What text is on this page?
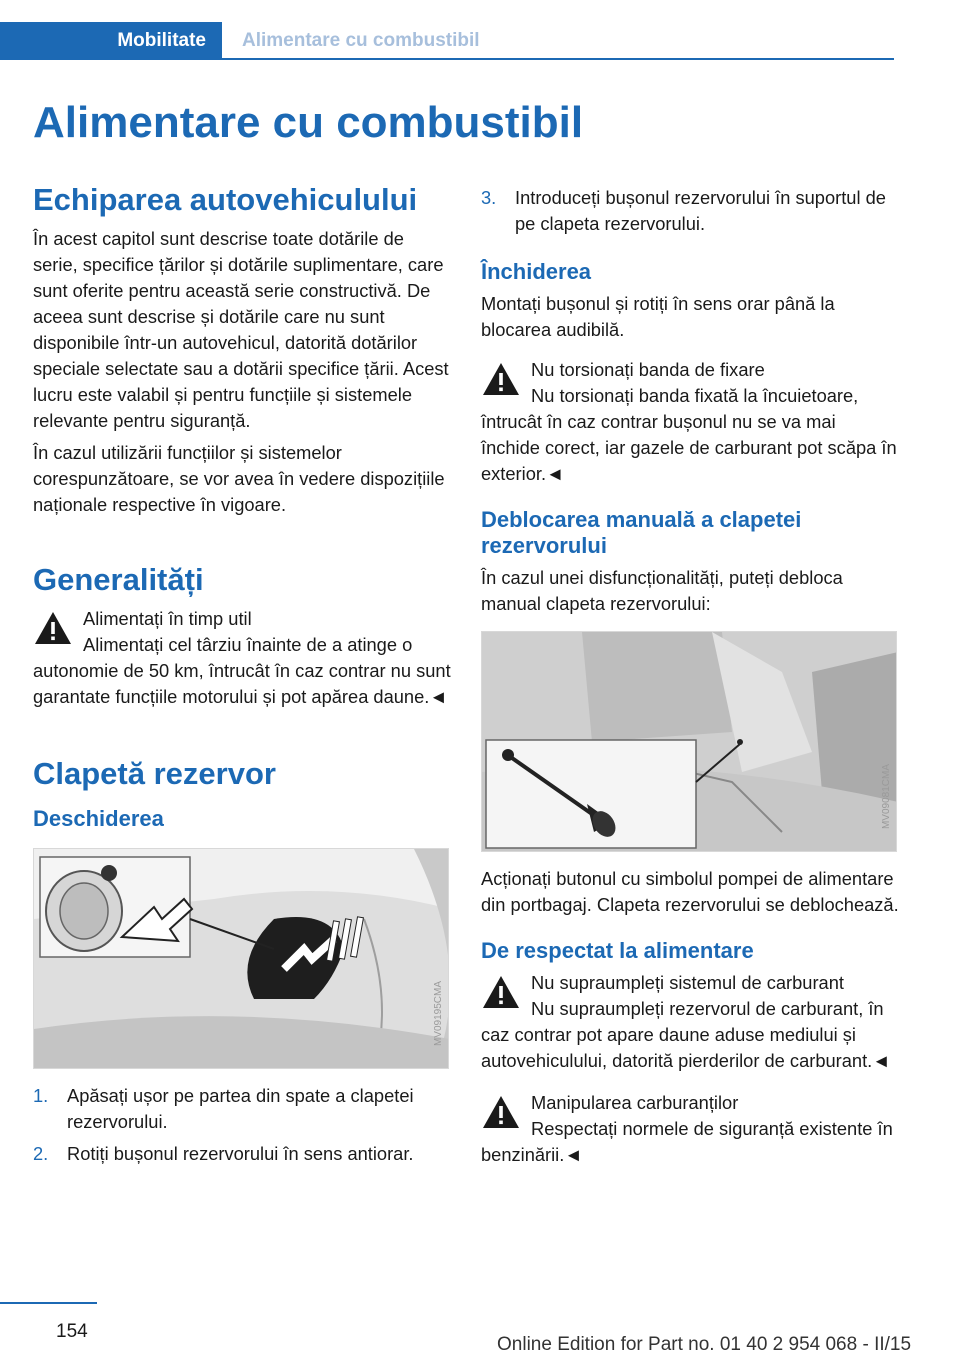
Mobilitate	Alimentare cu combustibil
Alimentare cu combustibil
Echiparea autovehiculului

În acest capitol sunt descrise toate dotările de serie, specifice țărilor și dotările suplimentare, care sunt oferite pentru această serie constructivă. De aceea sunt descrise și dotările care nu sunt disponibile într-un autovehicul, datorită dotărilor speciale selectate sau a dotării specifice țării. Acest lucru este valabil și pentru funcțiile și sistemele relevante pentru siguranță.

În cazul utilizării funcțiilor și sistemelor corespunzătoare, se vor avea în vedere dispozițiile naționale respective în vigoare.

Generalități
Alimentați în timp util
Alimentați cel târziu înainte de a atinge o autonomie de 50 km, întrucât în caz contrar nu sunt garantate funcțiile motorului și pot apărea daune.◄
Clapetă rezervor
Deschiderea
MV09195CMA
1. Apăsați ușor pe partea din spate a clapetei rezervorului.
2. Rotiți bușonul rezervorului în sens antiorar.
3. Introduceți bușonul rezervorului în suportul de pe clapeta rezervorului.
Închiderea

Montați bușonul și rotiți în sens orar până la blocarea audibilă.

Nu torsionați banda de fixare
Nu torsionați banda fixată la încuietoare, întrucât în caz contrar bușonul nu se va mai închide corect, iar gazele de carburant pot scăpa în exterior.◄
Deblocarea manuală a clapetei rezervorului

În cazul unei disfuncționalități, puteți debloca manual clapeta rezervorului:

MV09081CMA

Acționați butonul cu simbolul pompei de alimentare din portbagaj. Clapeta rezervorului se deblochează.

De respectat la alimentare
Nu supraumpleți sistemul de carburant
Nu supraumpleți rezervorul de carburant, în caz contrar pot apare daune aduse mediului și autovehiculului, datorită pierderilor de carburant.◄
Manipularea carburanților
Respectați normele de siguranță existente în benzinării.◄
154
Online Edition for Part no. 01 40 2 954 068 - II/15
